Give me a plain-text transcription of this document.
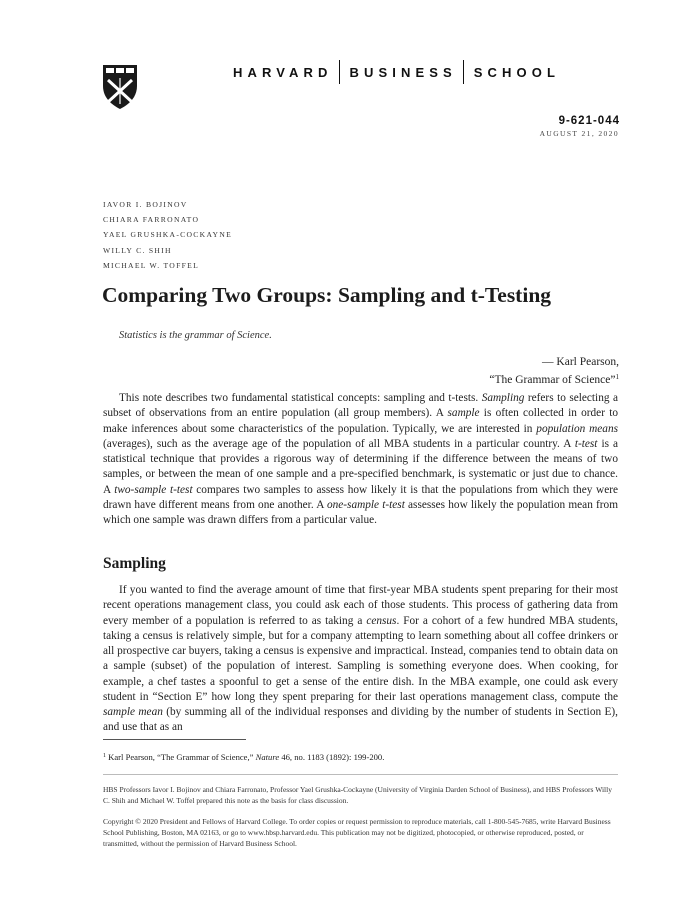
HARVARD BUSINESS SCHOOL
9-621-044
AUGUST 21, 2020
IAVOR I. BOJINOV
CHIARA FARRONATO
YAEL GRUSHKA-COCKAYNE
WILLY C. SHIH
MICHAEL W. TOFFEL
Comparing Two Groups: Sampling and t-Testing
Statistics is the grammar of Science.
— Karl Pearson,
“The Grammar of Science”$^1$

This note describes two fundamental statistical concepts: sampling and t-tests. Sampling refers to selecting a subset of observations from an entire population (all group members). A sample is often collected in order to make inferences about some characteristics of the population. Typically, we are interested in population means (averages), such as the average age of the population of all MBA students in a particular country. A t-test is a statistical technique that provides a rigorous way of determining if the difference between the means of two samples, or between the mean of one sample and a pre-specified benchmark, is systematic or just due to chance. A two-sample t-test compares two samples to assess how likely it is that the populations from which they were drawn have different means from one another. A one-sample t-test assesses how likely the population mean from which one sample was drawn differs from a particular value.

Sampling

If you wanted to find the average amount of time that first-year MBA students spent preparing for their most recent operations management class, you could ask each of those students. This process of gathering data from every member of a population is referred to as taking a census. For a cohort of a few hundred MBA students, taking a census is relatively simple, but for a company attempting to learn something about all coffee drinkers or all prospective car buyers, taking a census is expensive and impractical. Instead, companies tend to obtain data on a sample (subset) of the population of interest. Sampling is something everyone does. When cooking, for example, a chef tastes a spoonful to get a sense of the entire dish. In the MBA example, one could ask every student in “Section E” how long they spent preparing for their last operations management class, compute the sample mean (by summing all of the individual responses and dividing by the number of students in Section E), and use that as an

$^1$ Karl Pearson, “The Grammar of Science,” Nature 46, no. 1183 (1892): 199-200.

HBS Professors Iavor I. Bojinov and Chiara Farronato, Professor Yael Grushka-Cockayne (University of Virginia Darden School of Business), and HBS Professors Willy C. Shih and Michael W. Toffel prepared this note as the basis for class discussion.

Copyright © 2020 President and Fellows of Harvard College. To order copies or request permission to reproduce materials, call 1-800-545-7685, write Harvard Business School Publishing, Boston, MA 02163, or go to www.hbsp.harvard.edu. This publication may not be digitized, photocopied, or otherwise reproduced, posted, or transmitted, without the permission of Harvard Business School.
